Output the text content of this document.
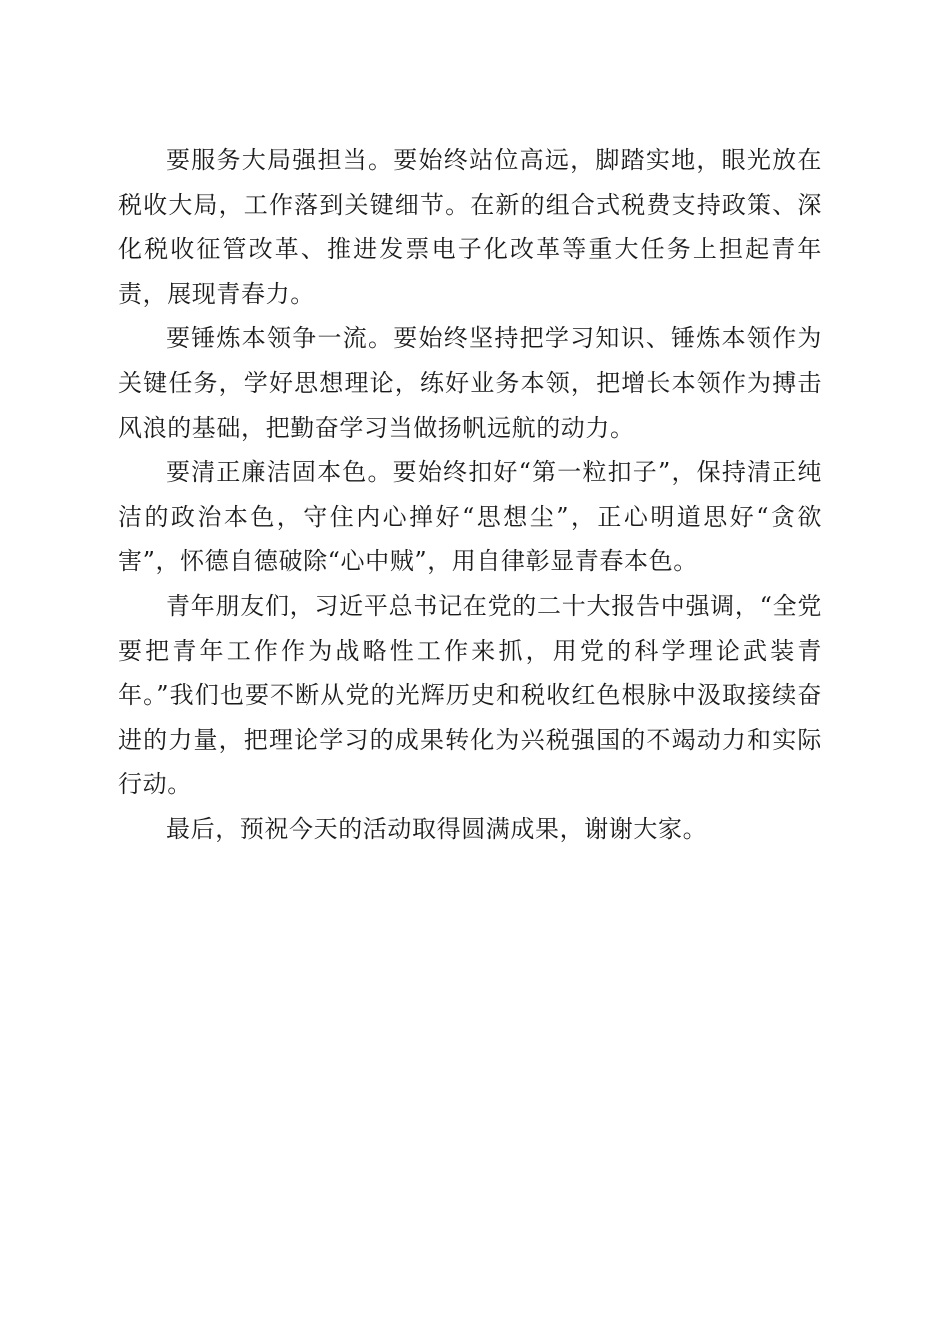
要服务大局强担当。要始终站位高远，脚踏实地，眼光放在税收大局，工作落到关键细节。在新的组合式税费支持政策、深化税收征管改革、推进发票电子化改革等重大任务上担起青年责，展现青春力。

要锤炼本领争一流。要始终坚持把学习知识、锤炼本领作为关键任务，学好思想理论，练好业务本领，把增长本领作为搏击风浪的基础，把勤奋学习当做扬帆远航的动力。

要清正廉洁固本色。要始终扣好“第一粒扣子”，保持清正纯洁的政治本色，守住内心掸好“思想尘”，正心明道思好“贪欲害”，怀德自德破除“心中贼”，用自律彰显青春本色。

青年朋友们，习近平总书记在党的二十大报告中强调，“全党要把青年工作作为战略性工作来抓，用党的科学理论武装青年。”我们也要不断从党的光辉历史和税收红色根脉中汲取接续奋进的力量，把理论学习的成果转化为兴税强国的不竭动力和实际行动。

最后，预祝今天的活动取得圆满成果，谢谢大家。
